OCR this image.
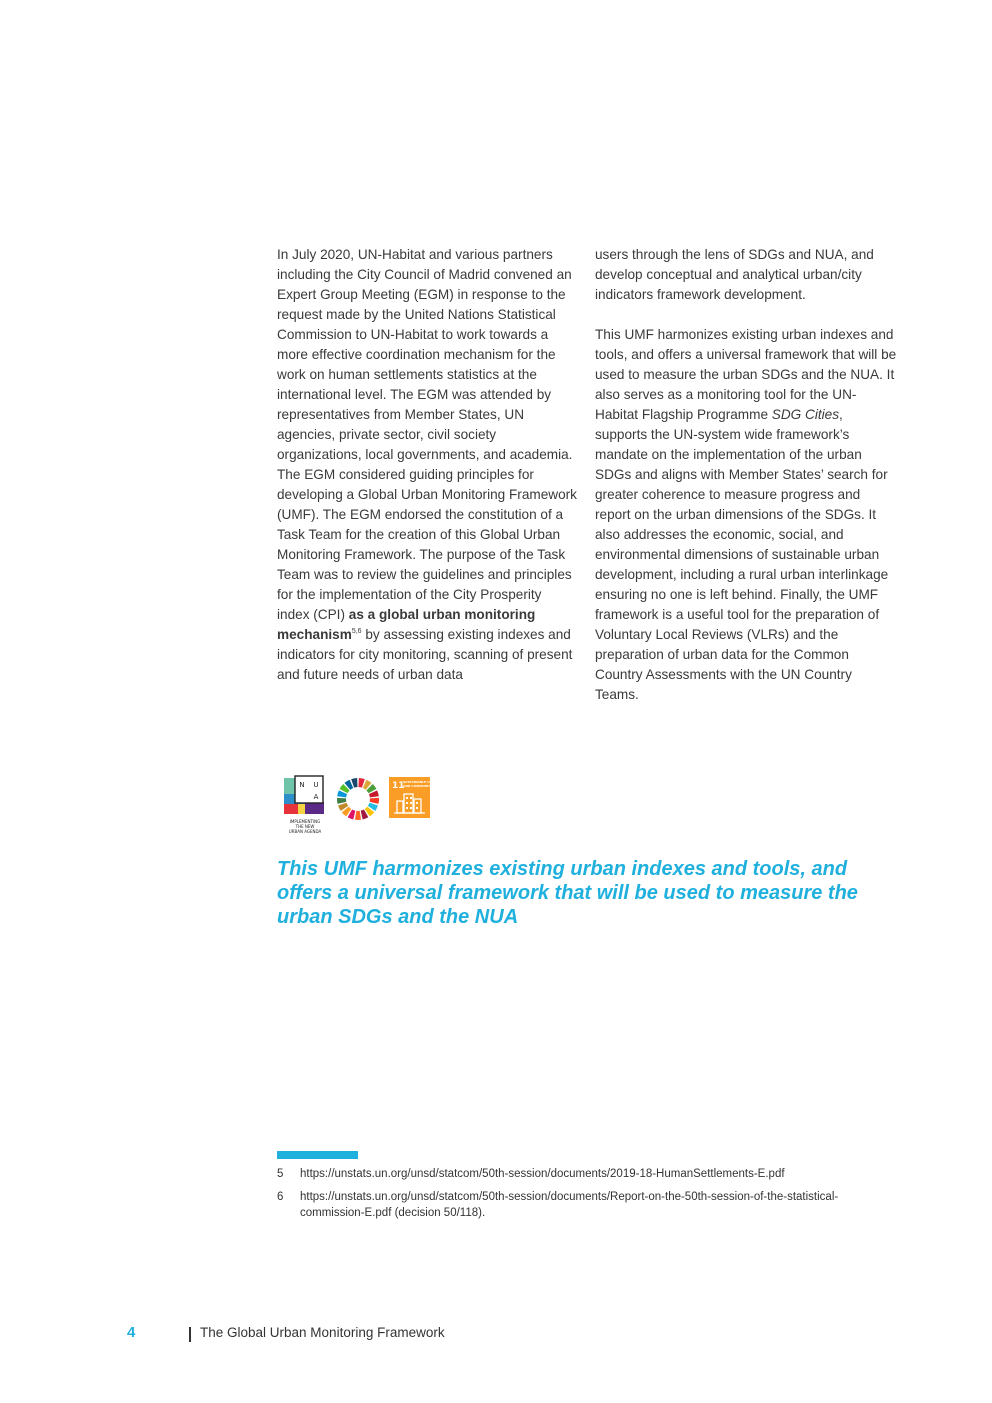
In July 2020, UN-Habitat and various partners including the City Council of Madrid convened an Expert Group Meeting (EGM) in response to the request made by the United Nations Statistical Commission to UN-Habitat to work towards a more effective coordination mechanism for the work on human settlements statistics at the international level. The EGM was attended by representatives from Member States, UN agencies, private sector, civil society organizations, local governments, and academia. The EGM considered guiding principles for developing a Global Urban Monitoring Framework (UMF). The EGM endorsed the constitution of a Task Team for the creation of this Global Urban Monitoring Framework. The purpose of the Task Team was to review the guidelines and principles for the implementation of the City Prosperity index (CPI) as a global urban monitoring mechanism$^{5,6}$ by assessing existing indexes and indicators for city monitoring, scanning of present and future needs of urban data

users through the lens of SDGs and NUA, and develop conceptual and analytical urban/city indicators framework development.

This UMF harmonizes existing urban indexes and tools, and offers a universal framework that will be used to measure the urban SDGs and the NUA. It also serves as a monitoring tool for the UN-Habitat Flagship Programme SDG Cities, supports the UN-system wide framework’s mandate on the implementation of the urban SDGs and aligns with Member States’ search for greater coherence to measure progress and report on the urban dimensions of the SDGs. It also addresses the economic, social, and environmental dimensions of sustainable urban development, including a rural urban interlinkage ensuring no one is left behind. Finally, the UMF framework is a useful tool for the preparation of Voluntary Local Reviews (VLRs) and the preparation of urban data for the Common Country Assessments with the UN Country Teams.

N U
A
IMPLEMENTING
THE NEW
URBAN AGENDA
11
SUSTAINABLE CITIES
AND COMMUNITIES

This UMF harmonizes existing urban indexes and tools, and offers a universal framework that will be used to measure the urban SDGs and the NUA

5	https://unstats.un.org/unsd/statcom/50th-session/documents/2019-18-HumanSettlements-E.pdf
6	https://unstats.un.org/unsd/statcom/50th-session/documents/Report-on-the-50th-session-of-the-statistical-commission-E.pdf (decision 50/118).
4	The Global Urban Monitoring Framework
